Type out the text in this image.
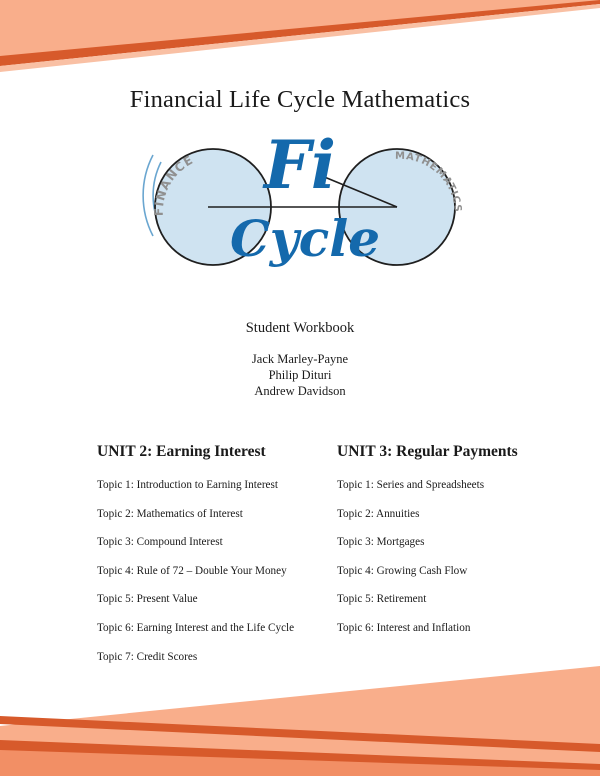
Financial Life Cycle Mathematics
FINANCE	MATHEMATICS
Fi
Cycle
Student Workbook
Jack Marley-Payne
Philip Dituri
Andrew Davidson
UNIT 2: Earning Interest
Topic 1: Introduction to Earning Interest
Topic 2: Mathematics of Interest
Topic 3: Compound Interest
Topic 4: Rule of 72 – Double Your Money
Topic 5: Present Value
Topic 6: Earning Interest and the Life Cycle
Topic 7: Credit Scores
UNIT 3: Regular Payments
Topic 1: Series and Spreadsheets
Topic 2: Annuities
Topic 3: Mortgages
Topic 4: Growing Cash Flow
Topic 5: Retirement
Topic 6: Interest and Inflation
